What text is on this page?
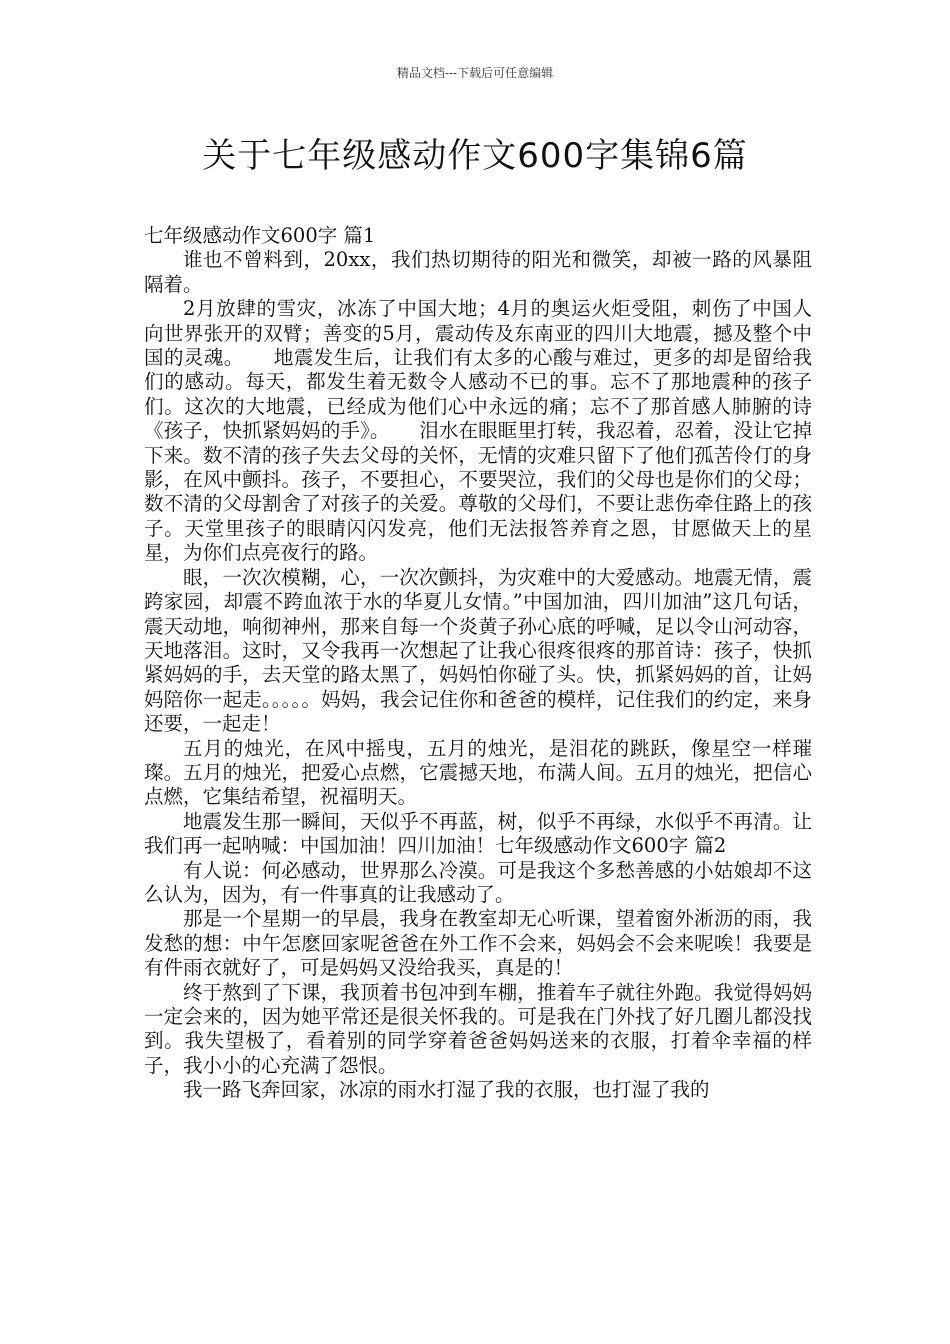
精品文档---下载后可任意编辑
关于七年级感动作文600字集锦6篇

七年级感动作文600字 篇1

谁也不曾料到，20xx，我们热切期待的阳光和微笑，却被一路的风暴阻隔着。

2月放肆的雪灾，冰冻了中国大地；4月的奥运火炬受阻，刺伤了中国人向世界张开的双臂；善变的5月，震动传及东南亚的四川大地震，撼及整个中国的灵魂。　　地震发生后，让我们有太多的心酸与难过，更多的却是留给我们的感动。每天，都发生着无数令人感动不已的事。忘不了那地震种的孩子们。这次的大地震，已经成为他们心中永远的痛；忘不了那首感人肺腑的诗《孩子，快抓紧妈妈的手》。　　泪水在眼眶里打转，我忍着，忍着，没让它掉下来。数不清的孩子失去父母的关怀，无情的灾难只留下了他们孤苦伶仃的身影，在风中颤抖。孩子，不要担心，不要哭泣，我们的父母也是你们的父母；数不清的父母割舍了对孩子的关爱。尊敬的父母们，不要让悲伤牵住路上的孩子。天堂里孩子的眼睛闪闪发亮，他们无法报答养育之恩，甘愿做天上的星星，为你们点亮夜行的路。

眼，一次次模糊，心，一次次颤抖，为灾难中的大爱感动。地震无情，震跨家园，却震不跨血浓于水的华夏儿女情。”中国加油，四川加油”这几句话，震天动地，响彻神州，那来自每一个炎黄子孙心底的呼喊，足以令山河动容，天地落泪。这时，又令我再一次想起了让我心很疼很疼的那首诗：孩子，快抓紧妈妈的手，去天堂的路太黑了，妈妈怕你碰了头。快，抓紧妈妈的首，让妈妈陪你一起走。。。。。妈妈，我会记住你和爸爸的模样，记住我们的约定，来身还要，一起走！

五月的烛光，在风中摇曳，五月的烛光，是泪花的跳跃，像星空一样璀璨。五月的烛光，把爱心点燃，它震撼天地，布满人间。五月的烛光，把信心点燃，它集结希望，祝福明天。

地震发生那一瞬间，天似乎不再蓝，树，似乎不再绿，水似乎不再清。让我们再一起呐喊：中国加油！四川加油！七年级感动作文600字 篇2

有人说：何必感动，世界那么冷漠。可是我这个多愁善感的小姑娘却不这么认为，因为，有一件事真的让我感动了。

那是一个星期一的早晨，我身在教室却无心听课，望着窗外淅沥的雨，我发愁的想：中午怎麽回家呢爸爸在外工作不会来，妈妈会不会来呢唉！我要是有件雨衣就好了，可是妈妈又没给我买，真是的！

终于熬到了下课，我顶着书包冲到车棚，推着车子就往外跑。我觉得妈妈一定会来的，因为她平常还是很关怀我的。可是我在门外找了好几圈儿都没找到。我失望极了，看着别的同学穿着爸爸妈妈送来的衣服，打着伞幸福的样子，我小小的心充满了怨恨。

我一路飞奔回家，冰凉的雨水打湿了我的衣服，也打湿了我的
